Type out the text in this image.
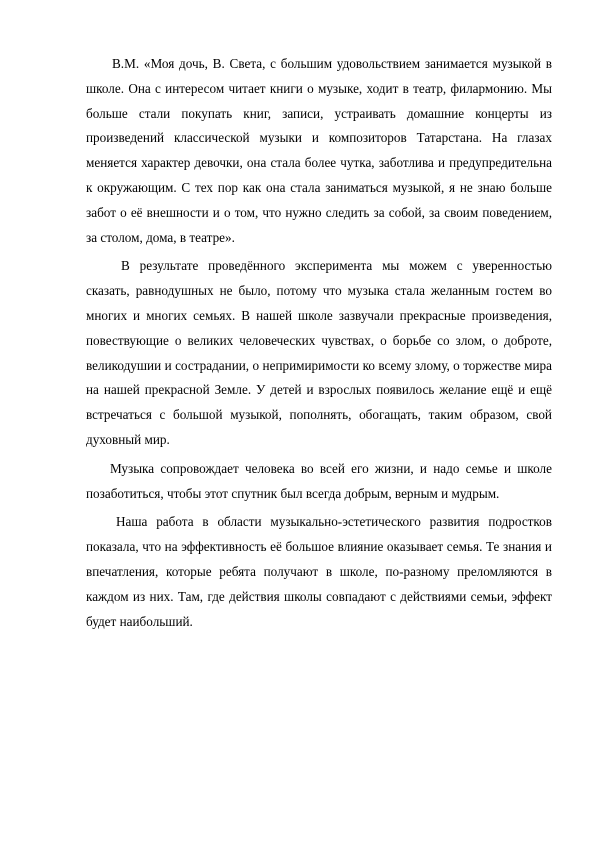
В.М. «Моя дочь, В. Света, с большим удовольствием занимается музыкой в школе. Она с интересом читает книги о музыке, ходит в театр, филармонию. Мы больше стали покупать книг, записи, устраивать домашние концерты из произведений классической музыки и композиторов Татарстана. На глазах меняется характер девочки, она стала более чутка, заботлива и предупредительна к окружающим. С тех пор как она стала заниматься музыкой, я не знаю больше забот о её внешности и о том, что нужно следить за собой, за своим поведением, за столом, дома, в театре».

В результате проведённого эксперимента мы можем с уверенностью сказать, равнодушных не было, потому что музыка стала желанным гостем во многих и многих семьях. В нашей школе зазвучали прекрасные произведения, повествующие о великих человеческих чувствах, о борьбе со злом, о доброте, великодушии и сострадании, о непримиримости ко всему злому, о торжестве мира на нашей прекрасной Земле. У детей и взрослых появилось желание ещё и ещё встречаться с большой музыкой, пополнять, обогащать, таким образом, свой духовный мир.

Музыка сопровождает человека во всей его жизни, и надо семье и школе позаботиться, чтобы этот спутник был всегда добрым, верным и мудрым.

Наша работа в области музыкально-эстетического развития подростков показала, что на эффективность её большое влияние оказывает семья. Те знания и впечатления, которые ребята получают в школе, по-разному преломляются в каждом из них. Там, где действия школы совпадают с действиями семьи, эффект будет наибольший.
